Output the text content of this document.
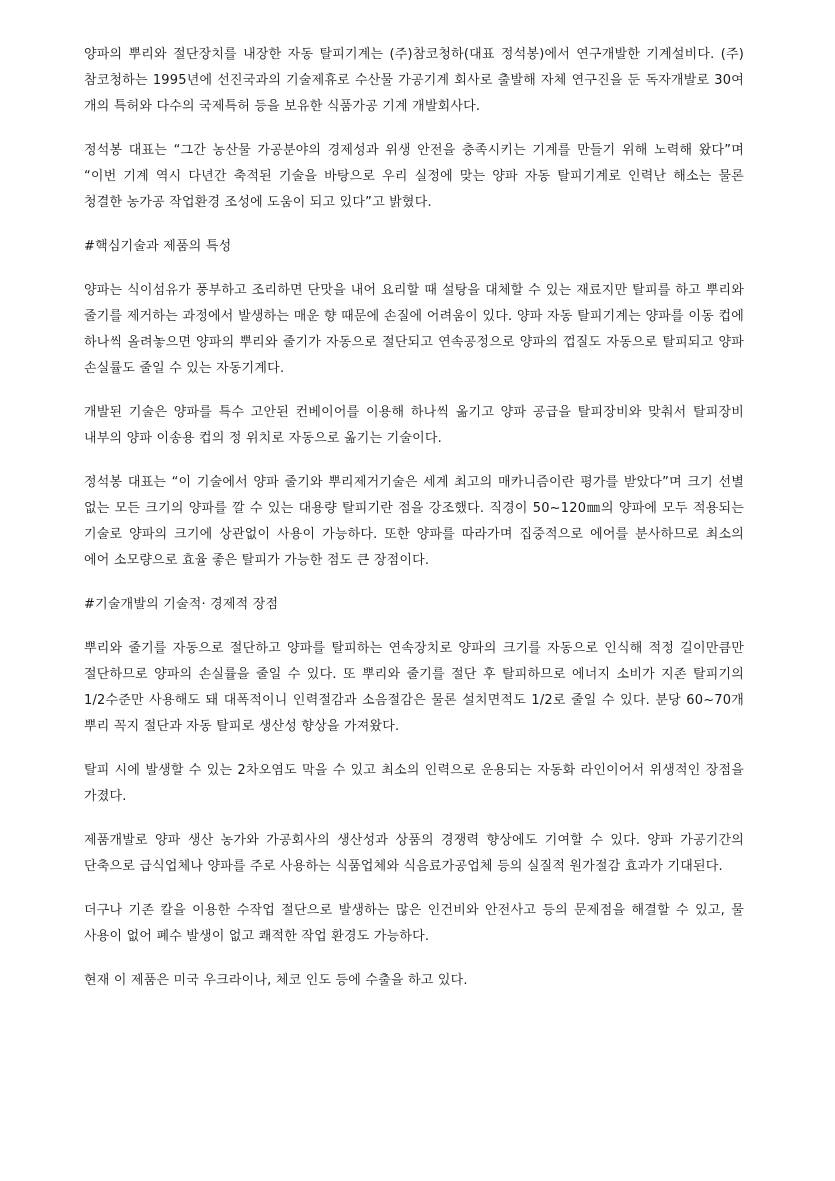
양파의 뿌리와 절단장치를 내장한 자동 탈피기계는 (주)참코청하(대표 정석봉)에서 연구개발한 기계설비다. (주)참코청하는 1995년에 선진국과의 기술제휴로 수산물 가공기계 회사로 출발해 자체 연구진을 둔 독자개발로 30여 개의 특허와 다수의 국제특허 등을 보유한 식품가공 기계 개발회사다.

정석봉 대표는 “그간 농산물 가공분야의 경제성과 위생 안전을 충족시키는 기계를 만들기 위해 노력해 왔다”며 “이번 기계 역시 다년간 축적된 기술을 바탕으로 우리 실정에 맞는 양파 자동 탈피기계로 인력난 해소는 물론 청결한 농가공 작업환경 조성에 도움이 되고 있다”고 밝혔다.

#핵심기술과 제품의 특성

양파는 식이섬유가 풍부하고 조리하면 단맛을 내어 요리할 때 설탕을 대체할 수 있는 재료지만 탈피를 하고 뿌리와 줄기를 제거하는 과정에서 발생하는 매운 향 때문에 손질에 어려움이 있다. 양파 자동 탈피기계는 양파를 이동 컵에 하나씩 올려놓으면 양파의 뿌리와 줄기가 자동으로 절단되고 연속공정으로 양파의 껍질도 자동으로 탈피되고 양파 손실률도 줄일 수 있는 자동기계다.

개발된 기술은 양파를 특수 고안된 컨베이어를 이용해 하나씩 옮기고 양파 공급을 탈피장비와 맞춰서 탈피장비 내부의 양파 이송용 컵의 정 위치로 자동으로 옮기는 기술이다.

정석봉 대표는 “이 기술에서 양파 줄기와 뿌리제거기술은 세계 최고의 매카니즘이란 평가를 받았다”며 크기 선별 없는 모든 크기의 양파를 깔 수 있는 대용량 탈피기란 점을 강조했다. 직경이 50~120㎜의 양파에 모두 적용되는 기술로 양파의 크기에 상관없이 사용이 가능하다. 또한 양파를 따라가며 집중적으로 에어를 분사하므로 최소의 에어 소모량으로 효율 좋은 탈피가 가능한 점도 큰 장점이다.

#기술개발의 기술적· 경제적 장점

뿌리와 줄기를 자동으로 절단하고 양파를 탈피하는 연속장치로 양파의 크기를 자동으로 인식해 적정 길이만큼만 절단하므로 양파의 손실률을 줄일 수 있다. 또 뿌리와 줄기를 절단 후 탈피하므로 에너지 소비가 지존 탈피기의 1/2수준만 사용해도 돼 대폭적이니 인력절감과 소음절감은 물론 설치면적도 1/2로 줄일 수 있다. 분당 60~70개 뿌리 꼭지 절단과 자동 탈피로 생산성 향상을 가져왔다.

탈피 시에 발생할 수 있는 2차오염도 막을 수 있고 최소의 인력으로 운용되는 자동화 라인이어서 위생적인 장점을 가졌다.

제품개발로 양파 생산 농가와 가공회사의 생산성과 상품의 경쟁력 향상에도 기여할 수 있다. 양파 가공기간의 단축으로 급식업체나 양파를 주로 사용하는 식품업체와 식음료가공업체 등의 실질적 원가절감 효과가 기대된다.

더구나 기존 칼을 이용한 수작업 절단으로 발생하는 많은 인건비와 안전사고 등의 문제점을 해결할 수 있고, 물 사용이 없어 폐수 발생이 없고 쾌적한 작업 환경도 가능하다.

현재 이 제품은 미국 우크라이나, 체코 인도 등에 수출을 하고 있다.
